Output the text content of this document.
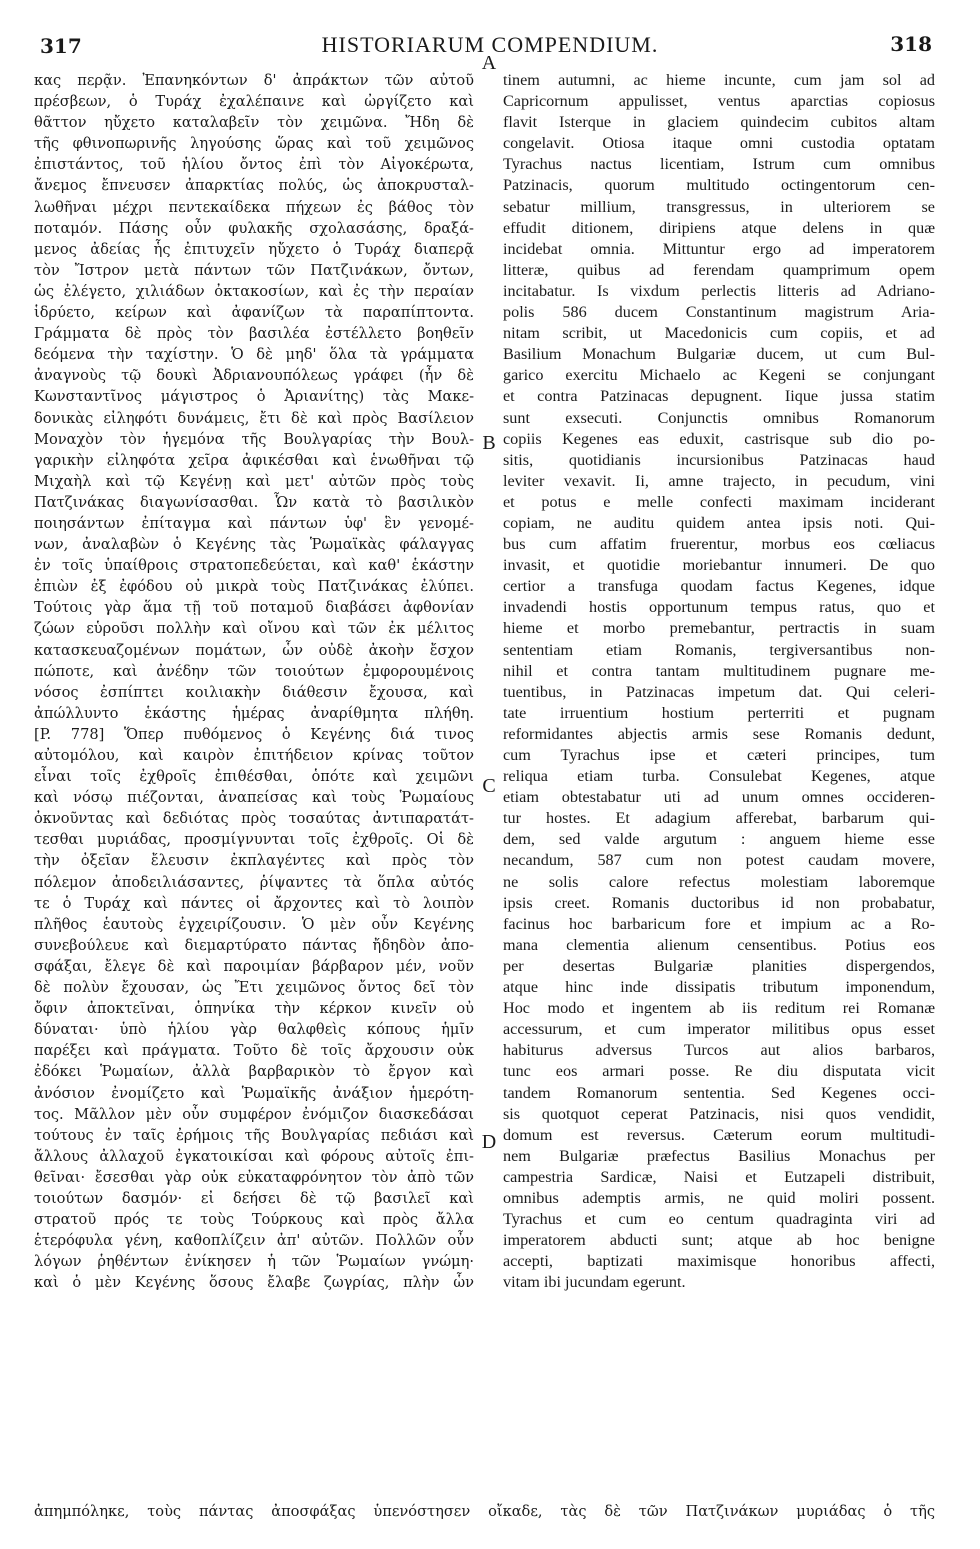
317	HISTORIARUM COMPENDIUM.	318
κας περᾷν. Ἐπανηκόντων δ' ἀπράκτων τῶν αὐτοῦ
πρέσβεων, ὁ Τυράχ ἐχαλέπαινε καὶ ὠργίζετο καὶ
θᾶττον ηὔχετο καταλαβεῖν τὸν χειμῶνα. Ἤδη δὲ
τῆς φθινοπωρινῆς ληγούσης ὥρας καὶ τοῦ χειμῶνος
ἐπιστάντος, τοῦ ἡλίου ὄντος ἐπὶ τὸν Αἰγοκέρωτα,
ἄνεμος ἔπνευσεν ἀπαρκτίας πολύς, ὡς ἀποκρυσταλ-
λωθῆναι μέχρι πεντεκαίδεκα πήχεων ἐς βάθος τὸν
ποταμόν. Πάσης οὖν φυλακῆς σχολασάσης, δραξά-
μενος ἀδείας ἧς ἐπιτυχεῖν ηὔχετο ὁ Τυράχ διαπερᾷ
τὸν Ἴστρον μετὰ πάντων τῶν Πατζινάκων, ὄντων,
ὡς ἐλέγετο, χιλιάδων ὀκτακοσίων, καὶ ἐς τὴν περαίαν
ἱδρύετο, κείρων καὶ ἀφανίζων τὰ παραπίπτοντα.
Γράμματα δὲ πρὸς τὸν βασιλέα ἐστέλλετο βοηθεῖν
δεόμενα τὴν ταχίστην. Ὁ δὲ μηδ' ὅλα τὰ γράμματα
ἀναγνοὺς τῷ δουκὶ Ἀδριανουπόλεως γράφει (ἦν δὲ
Κωνσταντῖνος μάγιστρος ὁ Ἀριανίτης) τὰς Μακε-
δονικὰς εἰληφότι δυνάμεις, ἔτι δὲ καὶ πρὸς Βασίλειον
Μοναχὸν τὸν ἡγεμόνα τῆς Βουλγαρίας τὴν Βουλ-
γαρικὴν εἰληφότα χεῖρα ἀφικέσθαι καὶ ἑνωθῆναι τῷ
Μιχαὴλ καὶ τῷ Κεγένῃ καὶ μετ' αὐτῶν πρὸς τοὺς
Πατζινάκας διαγωνίσασθαι. Ὧν κατὰ τὸ βασιλικὸν
ποιησάντων ἐπίταγμα καὶ πάντων ὑφ' ἓν γενομέ-
νων, ἀναλαβὼν ὁ Κεγένης τὰς Ῥωμαϊκὰς φάλαγγας
ἐν τοῖς ὑπαίθροις στρατοπεδεύεται, καὶ καθ' ἑκάστην
ἐπιὼν ἐξ ἐφόδου οὐ μικρὰ τοὺς Πατζινάκας ἐλύπει.
Τούτοις γὰρ ἅμα τῇ τοῦ ποταμοῦ διαβάσει ἀφθονίαν
ζώων εὑροῦσι πολλὴν καὶ οἴνου καὶ τῶν ἐκ μέλιτος
κατασκευαζομένων πομάτων, ὧν οὐδὲ ἀκοὴν ἔσχον
πώποτε, καὶ ἀνέδην τῶν τοιούτων ἐμφορουμένοις
νόσος ἐσπίπτει κοιλιακὴν διάθεσιν ἔχουσα, καὶ
ἀπώλλυντο ἑκάστης ἡμέρας ἀναρίθμητα πλήθη.
[P. 778] Ὅπερ πυθόμενος ὁ Κεγένης διά τινος
αὐτομόλου, καὶ καιρὸν ἐπιτήδειον κρίνας τοῦτον
εἶναι τοῖς ἐχθροῖς ἐπιθέσθαι, ὁπότε καὶ χειμῶνι
καὶ νόσῳ πιέζονται, ἀναπείσας καὶ τοὺς Ῥωμαίους
ὀκνοῦντας καὶ δεδιότας πρὸς τοσαύτας ἀντιπαρατάτ-
τεσθαι μυριάδας, προσμίγνυνται τοῖς ἐχθροῖς. Οἱ δὲ
τὴν ὀξεῖαν ἔλευσιν ἐκπλαγέντες καὶ πρὸς τὸν
πόλεμον ἀποδειλιάσαντες, ῥίψαντες τὰ ὅπλα αὐτός
τε ὁ Τυράχ καὶ πάντες οἱ ἄρχοντες καὶ τὸ λοιπὸν
πλῆθος ἑαυτοὺς ἐγχειρίζουσιν. Ὁ μὲν οὖν Κεγένης
συνεβούλευε καὶ διεμαρτύρατο πάντας ἤδηδὸν ἀπο-
σφάξαι, ἔλεγε δὲ καὶ παροιμίαν βάρβαρον μέν, νοῦν
δὲ πολὺν ἔχουσαν, ὡς Ἔτι χειμῶνος ὄντος δεῖ τὸν
ὄφιν ἀποκτεῖναι, ὁπηνίκα τὴν κέρκον κινεῖν οὐ
δύναται· ὑπὸ ἡλίου γὰρ θαλφθεὶς κόπους ἡμῖν
παρέξει καὶ πράγματα. Τοῦτο δὲ τοῖς ἄρχουσιν οὐκ
ἐδόκει Ῥωμαίων, ἀλλὰ βαρβαρικὸν τὸ ἔργον καὶ
ἀνόσιον ἐνομίζετο καὶ Ῥωμαϊκῆς ἀνάξιον ἡμερότη-
τος. Μᾶλλον μὲν οὖν συμφέρον ἐνόμιζον διασκεδάσαι
τούτους ἐν ταῖς ἐρήμοις τῆς Βουλγαρίας πεδιάσι καὶ
ἄλλους ἀλλαχοῦ ἐγκατοικίσαι καὶ φόρους αὐτοῖς ἐπι-
θεῖναι· ἔσεσθαι γὰρ οὐκ εὐκαταφρόνητον τὸν ἀπὸ τῶν
τοιούτων δασμόν· εἰ δεήσει δὲ τῷ βασιλεῖ καὶ
στρατοῦ πρός τε τοὺς Τούρκους καὶ πρὸς ἄλλα
ἑτερόφυλα γένη, καθοπλίζειν ἀπ' αὐτῶν. Πολλῶν οὖν
λόγων ῥηθέντων ἐνίκησεν ἡ τῶν Ῥωμαίων γνώμη·
καὶ ὁ μὲν Κεγένης ὅσους ἔλαβε ζωγρίας, πλὴν ὧν
tinem autumni, ac hieme incunte, cum jam sol ad
Capricornum appulisset, ventus aparctias copiosus
flavit Isterque in glaciem quindecim cubitos altam
congelavit. Otiosa itaque omni custodia optatam
Tyrachus nactus licentiam, Istrum cum omnibus
Patzinacis, quorum multitudo octingentorum cen-
sebatur millium, transgressus, in ulteriorem se
effudit ditionem, diripiens atque delens in quæ
incidebat omnia. Mittuntur ergo ad imperatorem
litteræ, quibus ad ferendam quamprimum opem
incitabatur. Is vixdum perlectis litteris ad Adriano-
polis 586 ducem Constantinum magistrum Aria-
nitam scribit, ut Macedonicis cum copiis, et ad
Basilium Monachum Bulgariæ ducem, ut cum Bul-
garico exercitu Michaelo ac Kegeni se conjungant
et contra Patzinacas depugnent. Iique jussa statim
sunt exsecuti. Conjunctis omnibus Romanorum
copiis Kegenes eas eduxit, castrisque sub dio po-
sitis, quotidianis incursionibus Patzinacas haud
leviter vexavit. Ii, amne trajecto, in pecudum, vini
et potus e melle confecti maximam inciderant
copiam, ne auditu quidem antea ipsis noti. Qui-
bus cum affatim fruerentur, morbus eos cœliacus
invasit, et quotidie moriebantur innumeri. De quo
certior a transfuga quodam factus Kegenes, idque
invadendi hostis opportunum tempus ratus, quo et
hieme et morbo premebantur, pertractis in suam
sententiam etiam Romanis, tergiversantibus non-
nihil et contra tantam multitudinem pugnare me-
tuentibus, in Patzinacas impetum dat. Qui celeri-
tate irruentium hostium perterriti et pugnam
reformidantes abjectis armis sese Romanis dedunt,
cum Tyrachus ipse et cæteri principes, tum
reliqua etiam turba. Consulebat Kegenes, atque
etiam obtestabatur uti ad unum omnes occideren-
tur hostes. Et adagium afferebat, barbarum qui-
dem, sed valde argutum : anguem hieme esse
necandum, 587 cum non potest caudam movere,
ne solis calore refectus molestiam laboremque
ipsis creet. Romanis ductoribus id non probabatur,
facinus hoc barbaricum fore et impium ac a Ro-
mana clementia alienum censentibus. Potius eos
per desertas Bulgariæ planities dispergendos,
atque hinc inde dissipatis tributum imponendum,
Hoc modo et ingentem ab iis reditum rei Romanæ
accessurum, et cum imperator militibus opus esset
habiturus adversus Turcos aut alios barbaros,
tunc eos armari posse. Re diu disputata vicit
tandem Romanorum sententia. Sed Kegenes occi-
sis quotquot ceperat Patzinacis, nisi quos vendidit,
domum est reversus. Cæterum eorum multitudi-
nem Bulgariæ præfectus Basilius Monachus per
campestria Sardicæ, Naisi et Eutzapeli distribuit,
omnibus ademptis armis, ne quid moliri possent.
Tyrachus et cum eo centum quadraginta viri ad
imperatorem abducti sunt; atque ab hoc benigne
accepti, baptizati maximisque honoribus affecti,
vitam ibi jucundam egerunt.
A
B
C
D
ἀπημπόληκε, τοὺς πάντας ἀποσφάξας ὑπενόστησεν οἴκαδε, τὰς δὲ τῶν Πατζινάκων μυριάδας ὁ τῆς
